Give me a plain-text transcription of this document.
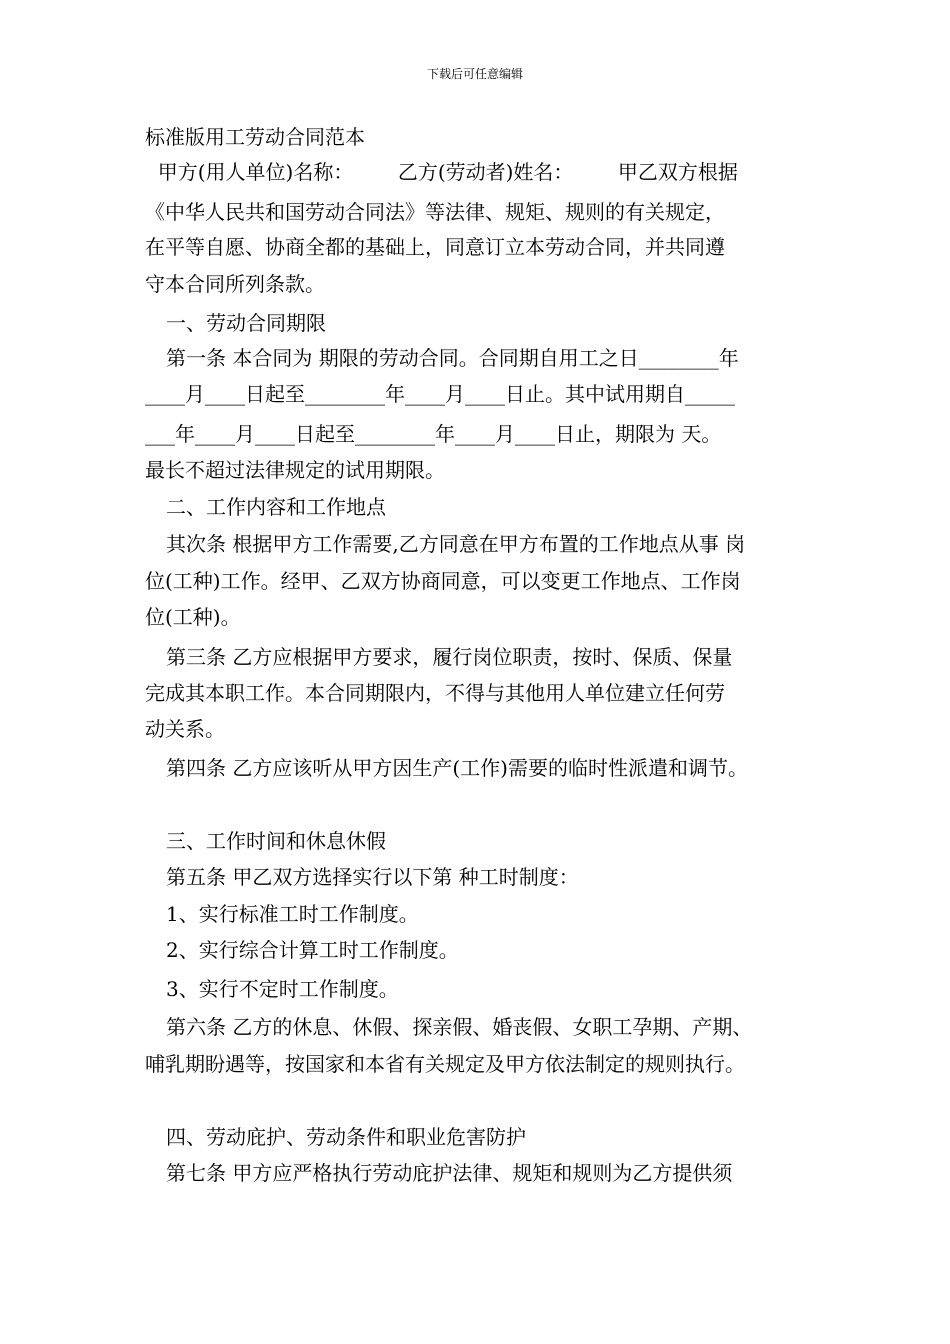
下载后可任意编辑
标准版用工劳动合同范本
甲方(用人单位)名称：       乙方(劳动者)姓名：       甲乙双方根据
《中华人民共和国劳动合同法》等法律、规矩、规则的有关规定，
在平等自愿、协商全都的基础上，同意订立本劳动合同，并共同遵
守本合同所列条款。
一、劳动合同期限
第一条 本合同为 期限的劳动合同。合同期自用工之日________年
____月____日起至________年____月____日止。其中试用期自_____
___年____月____日起至________年____月____日止，期限为 天。
最长不超过法律规定的试用期限。
二、工作内容和工作地点
其次条 根据甲方工作需要,乙方同意在甲方布置的工作地点从事 岗
位(工种)工作。经甲、乙双方协商同意，可以变更工作地点、工作岗
位(工种)。
第三条 乙方应根据甲方要求，履行岗位职责，按时、保质、保量
完成其本职工作。本合同期限内，不得与其他用人单位建立任何劳
动关系。
第四条 乙方应该听从甲方因生产(工作)需要的临时性派遣和调节。
三、工作时间和休息休假
第五条 甲乙双方选择实行以下第 种工时制度：
1、实行标准工时工作制度。
2、实行综合计算工时工作制度。
3、实行不定时工作制度。
第六条 乙方的休息、休假、探亲假、婚丧假、女职工孕期、产期、
哺乳期盼遇等，按国家和本省有关规定及甲方依法制定的规则执行。
四、劳动庇护、劳动条件和职业危害防护
第七条 甲方应严格执行劳动庇护法律、规矩和规则为乙方提供须
